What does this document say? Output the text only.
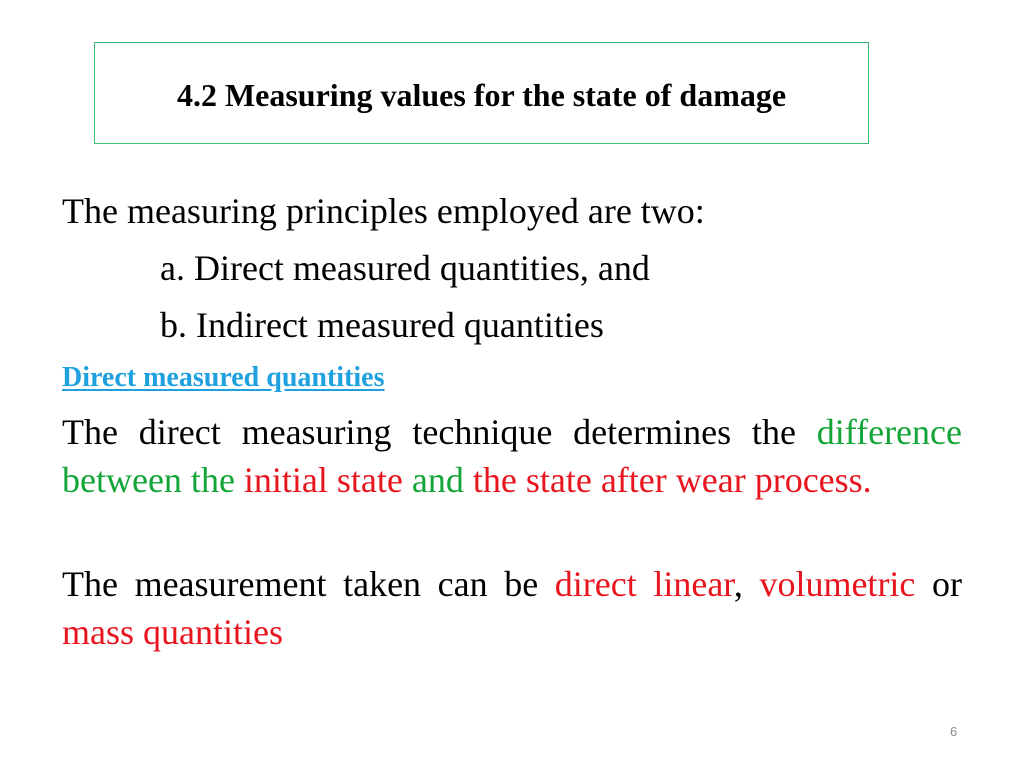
4.2 Measuring values for the state of damage
The measuring principles employed are two:
a. Direct measured quantities, and
b. Indirect measured quantities
Direct measured quantities
The direct measuring technique determines the difference between the initial state and the state after wear process.
The measurement taken can be direct linear, volumetric or mass quantities
6
